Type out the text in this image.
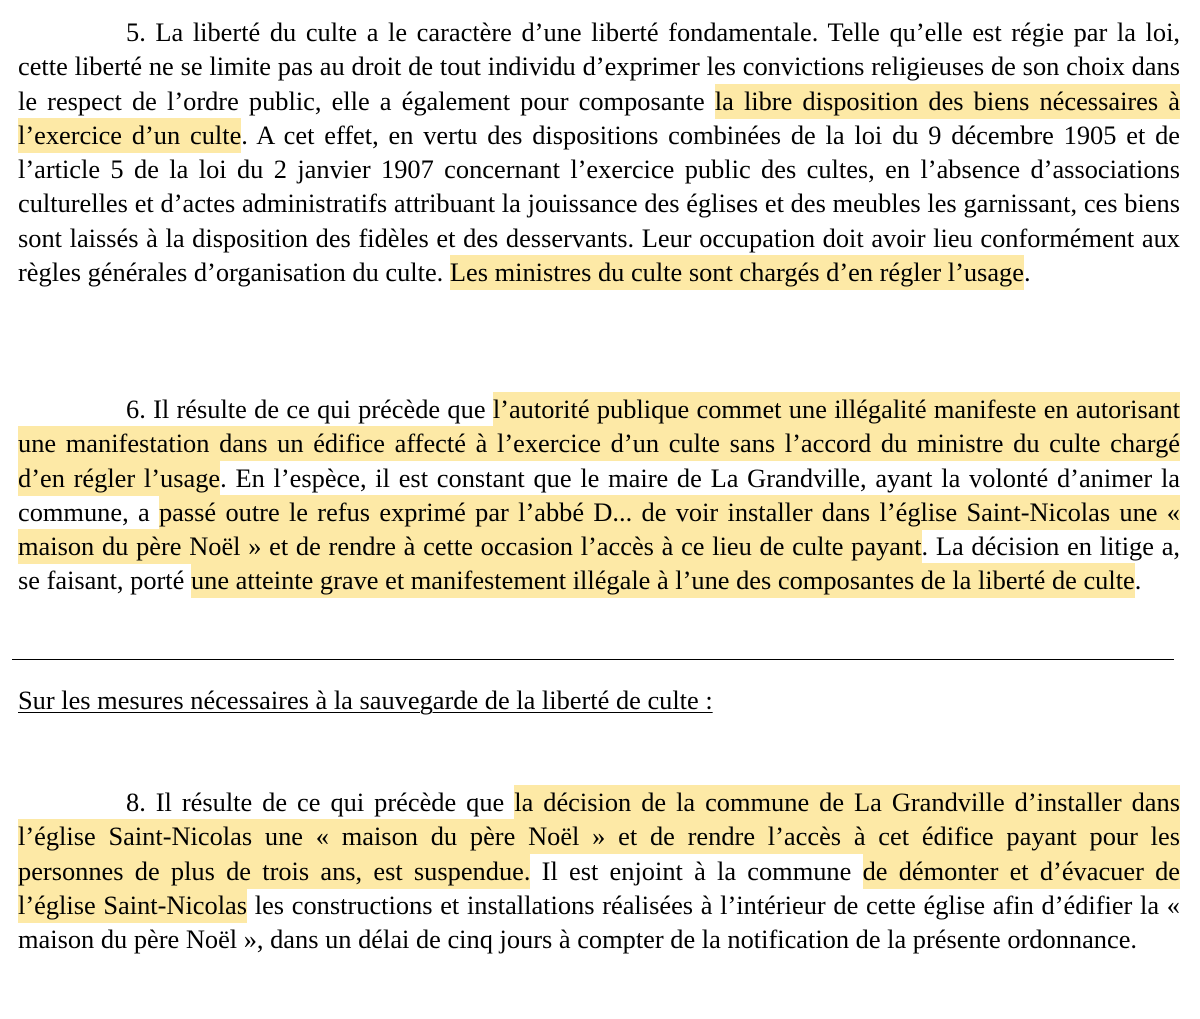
5. La liberté du culte a le caractère d’une liberté fondamentale. Telle qu’elle est régie par la loi, cette liberté ne se limite pas au droit de tout individu d’exprimer les convictions religieuses de son choix dans le respect de l’ordre public, elle a également pour composante la libre disposition des biens nécessaires à l’exercice d’un culte. A cet effet, en vertu des dispositions combinées de la loi du 9 décembre 1905 et de l’article 5 de la loi du 2 janvier 1907 concernant l’exercice public des cultes, en l’absence d’associations culturelles et d’actes administratifs attribuant la jouissance des églises et des meubles les garnissant, ces biens sont laissés à la disposition des fidèles et des desservants. Leur occupation doit avoir lieu conformément aux règles générales d’organisation du culte. Les ministres du culte sont chargés d’en régler l’usage.

6. Il résulte de ce qui précède que l’autorité publique commet une illégalité manifeste en autorisant une manifestation dans un édifice affecté à l’exercice d’un culte sans l’accord du ministre du culte chargé d’en régler l’usage. En l’espèce, il est constant que le maire de La Grandville, ayant la volonté d’animer la commune, a passé outre le refus exprimé par l’abbé D... de voir installer dans l’église Saint-Nicolas une « maison du père Noël » et de rendre à cette occasion l’accès à ce lieu de culte payant. La décision en litige a, se faisant, porté une atteinte grave et manifestement illégale à l’une des composantes de la liberté de culte.

Sur les mesures nécessaires à la sauvegarde de la liberté de culte :

8. Il résulte de ce qui précède que la décision de la commune de La Grandville d’installer dans l’église Saint-Nicolas une « maison du père Noël » et de rendre l’accès à cet édifice payant pour les personnes de plus de trois ans, est suspendue. Il est enjoint à la commune de démonter et d’évacuer de l’église Saint-Nicolas les constructions et installations réalisées à l’intérieur de cette église afin d’édifier la « maison du père Noël », dans un délai de cinq jours à compter de la notification de la présente ordonnance.
